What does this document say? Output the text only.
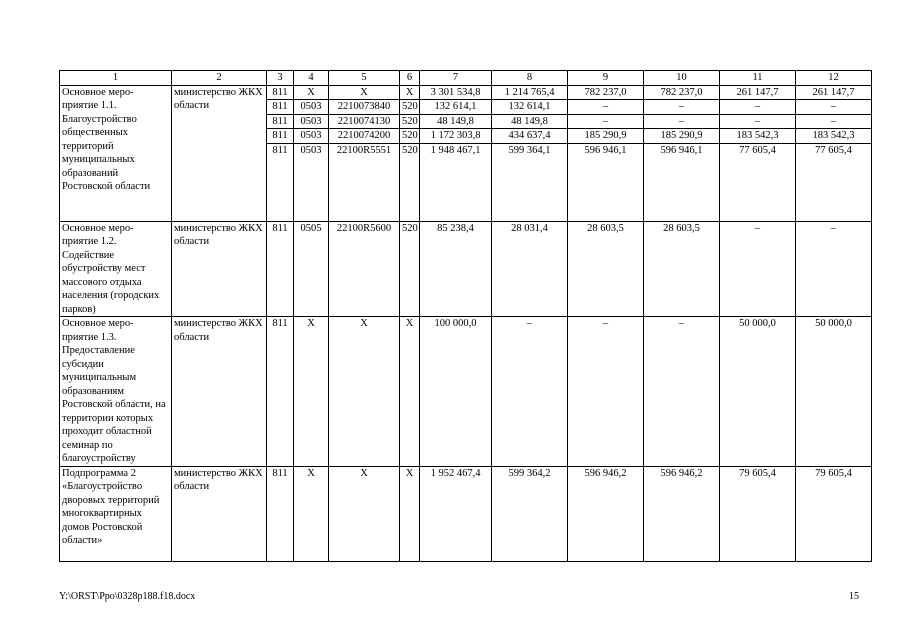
1	2	3	4	5	6	7	8	9	10	11	12
Основное меро-приятие 1.1. Благоустройство общественных территорий муниципальных образований Ростовской области	министерство ЖКХ области	811	Х	Х	Х	3 301 534,8	1 214 765,4	782 237,0	782 237,0	261 147,7	261 147,7
		811	0503	2210073840	520	132 614,1	132 614,1	–	–	–	–
		811	0503	2210074130	520	48 149,8	48 149,8	–	–	–	–
		811	0503	2210074200	520	1 172 303,8	434 637,4	185 290,9	185 290,9	183 542,3	183 542,3
		811	0503	22100R5551	520	1 948 467,1	599 364,1	596 946,1	596 946,1	77 605,4	77 605,4
Основное меро-приятие 1.2. Содействие обустройству мест массового отдыха населения (городских парков)	министерство ЖКХ области	811	0505	22100R5600	520	85 238,4	28 031,4	28 603,5	28 603,5	–	–
Основное меро-приятие 1.3. Предоставление субсидии муниципальным образованиям Ростовской области, на территории которых проходит областной семинар по благоустройству	министерство ЖКХ области	811	Х	Х	Х	100 000,0	–	–	–	50 000,0	50 000,0
Подпрограмма 2 «Благоустройство дворовых территорий многоквартирных домов Ростовской области»	министерство ЖКХ области	811	Х	Х	Х	1 952 467,4	599 364,2	596 946,2	596 946,2	79 605,4	79 605,4
Y:\ORST\Ppo\0328p188.f18.docx	15
